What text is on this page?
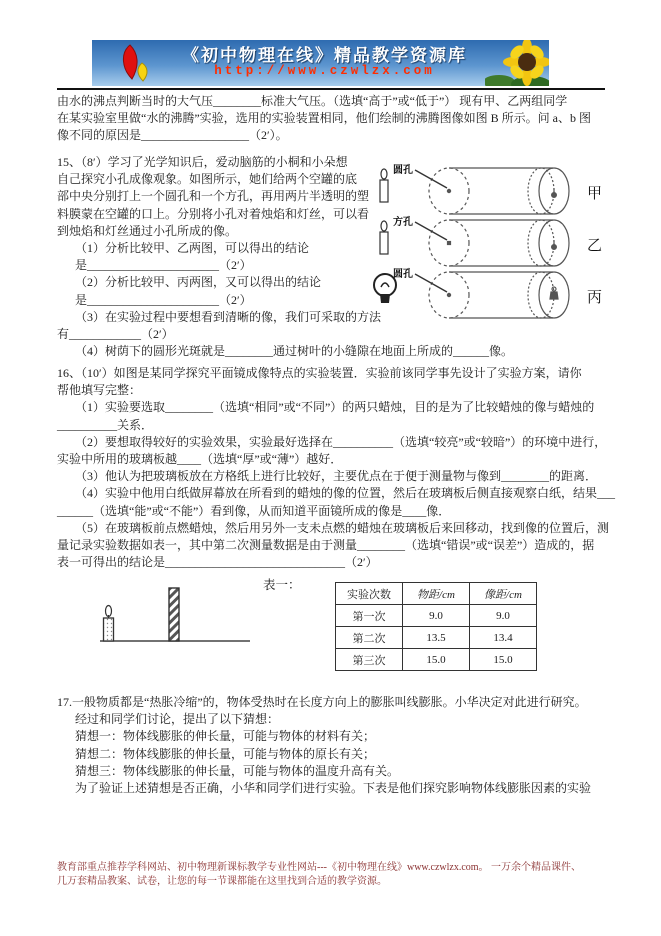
《初中物理在线》精品教学资源库
http://www.czwlzx.com
由水的沸点判断当时的大气压________标准大气压。（选填“高于”或“低于”） 现有甲、乙两组同学
在某实验室里做“水的沸腾”实验，选用的实验装置相同，他们绘制的沸腾图像如图 B 所示。问 a、b 图
像不同的原因是__________________（2′）。
15、（8′）学习了光学知识后，爱动脑筋的小桐和小朵想
自己探究小孔成像观象。如图所示，她们给两个空罐的底
部中央分别打上一个圆孔和一个方孔，再用两片半透明的塑
料膜蒙在空罐的口上。分别将小孔对着烛焰和灯丝，可以看
到烛焰和灯丝通过小孔所成的像。
（1）分析比较甲、乙两图，可以得出的结论
是______________________（2′）
（2）分析比较甲、丙两图，又可以得出的结论
是______________________（2′）
（3）在实验过程中要想看到清晰的像，我们可采取的方法
有____________（2′）
（4）树荫下的圆形光斑就是________通过树叶的小缝隙在地面上所成的______像。
圆孔
甲
方孔
乙
圆孔
丙
16、（10′）如图是某同学探究平面镜成像特点的实验装置．实验前该同学事先设计了实验方案，请你
帮他填写完整：
（1）实验要选取________（选填“相同”或“不同”）的两只蜡烛，目的是为了比较蜡烛的像与蜡烛的
__________关系．
（2）要想取得较好的实验效果，实验最好选择在__________（选填“较亮”或“较暗”）的环境中进行，
实验中所用的玻璃板越____（选填“厚”或“薄”）越好．
（3）他认为把玻璃板放在方格纸上进行比较好，主要优点在于便于测量物与像到________的距离．
（4）实验中他用白纸做屏幕放在所看到的蜡烛的像的位置，然后在玻璃板后侧直接观察白纸，结果___
______（选填“能”或“不能”）看到像，从而知道平面镜所成的像是____像．
（5）在玻璃板前点燃蜡烛，然后用另外一支未点燃的蜡烛在玻璃板后来回移动，找到像的位置后，测
量记录实验数据如表一，其中第二次测量数据是由于测量________（选填“错误”或“误差”）造成的，据
表一可得出的结论是______________________________（2′）
表一：
实验次数	物距/cm	像距/cm
第一次	9.0	9.0
第二次	13.5	13.4
第三次	15.0	15.0
17.一般物质都是“热胀冷缩”的，物体受热时在长度方向上的膨胀叫线膨胀。小华决定对此进行研究。
经过和同学们讨论，提出了以下猜想：
猜想一：物体线膨胀的伸长量，可能与物体的材料有关；
猜想二：物体线膨胀的伸长量，可能与物体的原长有关；
猜想三：物体线膨胀的伸长量，可能与物体的温度升高有关。
为了验证上述猜想是否正确，小华和同学们进行实验。下表是他们探究影响物体线膨胀因素的实验
教育部重点推荐学科网站、初中物理新课标教学专业性网站---《初中物理在线》www.czwlzx.com。 一万余个精品课件、
几万套精品教案、试卷，让您的每一节课都能在这里找到合适的教学资源。
